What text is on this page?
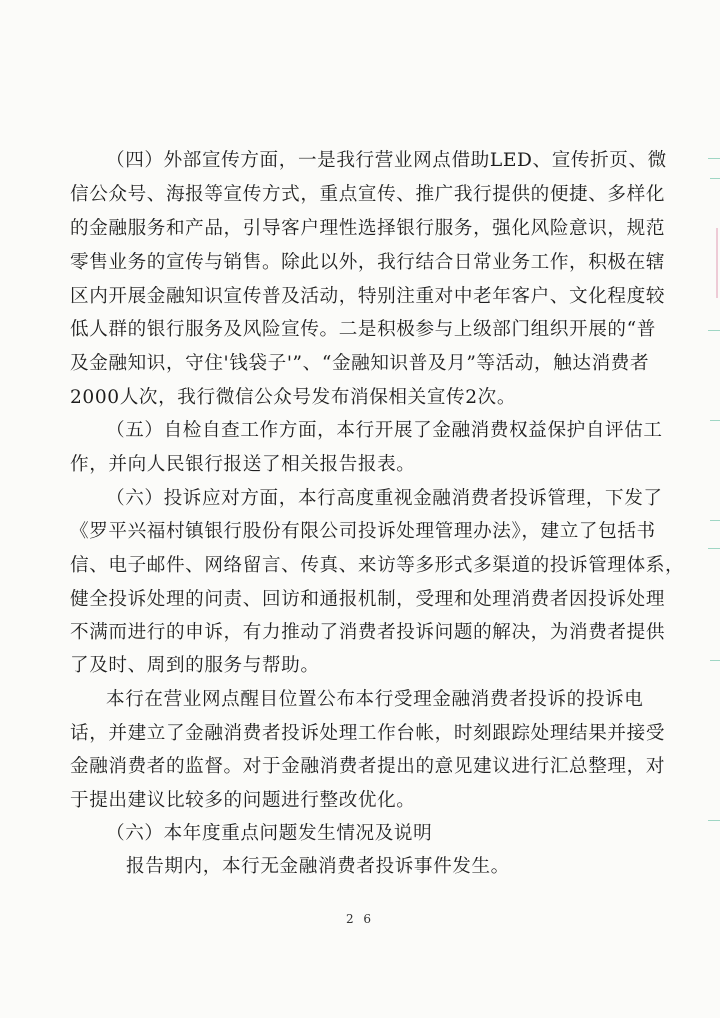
（四）外部宣传方面，一是我行营业网点借助LED、宣传折页、微
信公众号、海报等宣传方式，重点宣传、推广我行提供的便捷、多样化
的金融服务和产品，引导客户理性选择银行服务，强化风险意识，规范
零售业务的宣传与销售。除此以外，我行结合日常业务工作，积极在辖
区内开展金融知识宣传普及活动，特别注重对中老年客户、文化程度较
低人群的银行服务及风险宣传。二是积极参与上级部门组织开展的“普
及金融知识，守住'钱袋子'”、“金融知识普及月”等活动，触达消费者
2000人次，我行微信公众号发布消保相关宣传2次。
（五）自检自查工作方面，本行开展了金融消费权益保护自评估工
作，并向人民银行报送了相关报告报表。
（六）投诉应对方面，本行高度重视金融消费者投诉管理，下发了
《罗平兴福村镇银行股份有限公司投诉处理管理办法》，建立了包括书
信、电子邮件、网络留言、传真、来访等多形式多渠道的投诉管理体系，
健全投诉处理的问责、回访和通报机制，受理和处理消费者因投诉处理
不满而进行的申诉，有力推动了消费者投诉问题的解决，为消费者提供
了及时、周到的服务与帮助。
本行在营业网点醒目位置公布本行受理金融消费者投诉的投诉电
话，并建立了金融消费者投诉处理工作台帐，时刻跟踪处理结果并接受
金融消费者的监督。对于金融消费者提出的意见建议进行汇总整理，对
于提出建议比较多的问题进行整改优化。
（六）本年度重点问题发生情况及说明
报告期内，本行无金融消费者投诉事件发生。
2 6
